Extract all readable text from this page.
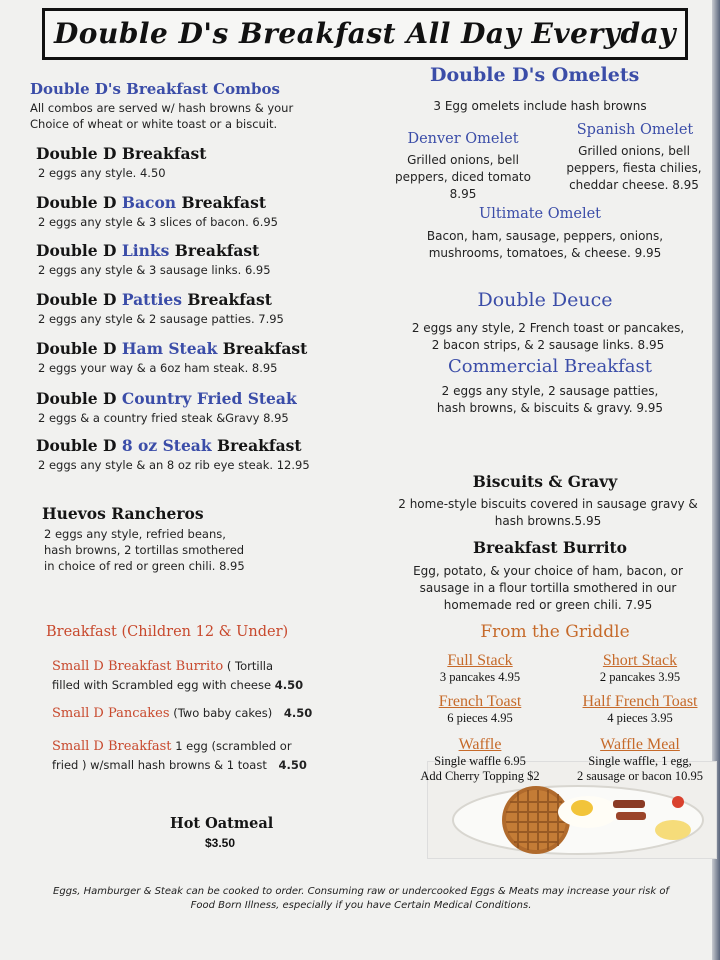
Double D's Breakfast All Day Everyday
Double D's Breakfast Combos
All combos are served w/ hash browns & your
Choice of wheat or white toast or a biscuit.
Huevos Rancheros
2 eggs any style, refried beans,
hash browns, 2 tortillas smothered
in choice of red or green chili. 8.95
Breakfast (Children 12 & Under)
Small D Breakfast Burrito ( Tortilla
filled with Scrambled egg with cheese 4.50
Small D Pancakes (Two baby cakes) 4.50
Small D Breakfast 1 egg (scrambled or
fried ) w/small hash browns & 1 toast 4.50
Hot Oatmeal
$3.50
Double D's Omelets
3 Egg omelets include hash browns
Denver Omelet
Grilled onions, bell
peppers, diced tomato
8.95
Spanish Omelet
Grilled onions, bell
peppers, fiesta chilies,
cheddar cheese. 8.95
Ultimate Omelet
Bacon, ham, sausage, peppers, onions,
mushrooms, tomatoes, & cheese. 9.95
Double Deuce
2 eggs any style, 2 French toast or pancakes,
2 bacon strips, & 2 sausage links. 8.95
Commercial Breakfast
2 eggs any style, 2 sausage patties,
hash browns, & biscuits & gravy. 9.95
Biscuits & Gravy
2 home-style biscuits covered in sausage gravy &
hash browns.5.95
Breakfast Burrito
Egg, potato, & your choice of ham, bacon, or
sausage in a flour tortilla smothered in our
homemade red or green chili. 7.95
From the Griddle
Eggs, Hamburger & Steak can be cooked to order. Consuming raw or undercooked Eggs & Meats may increase your risk of
Food Born Illness, especially if you have Certain Medical Conditions.
Double D Breakfast
2 eggs any style. 4.50
Double D Bacon Breakfast
2 eggs any style & 3 slices of bacon. 6.95
Double D Links Breakfast
2 eggs any style & 3 sausage links. 6.95
Double D Patties Breakfast
2 eggs any style & 2 sausage patties. 7.95
Double D Ham Steak Breakfast
2 eggs your way & a 6oz ham steak. 8.95
Double D Country Fried Steak
2 eggs & a country fried steak &Gravy 8.95
Double D 8 oz Steak Breakfast
2 eggs any style & an 8 oz rib eye steak. 12.95
Full Stack
3 pancakes 4.95
Short Stack
2 pancakes 3.95
French Toast
6 pieces 4.95
Half French Toast
4 pieces 3.95
Waffle
Single waffle 6.95
Add Cherry Topping $2
Waffle Meal
Single waffle, 1 egg,
2 sausage or bacon 10.95
